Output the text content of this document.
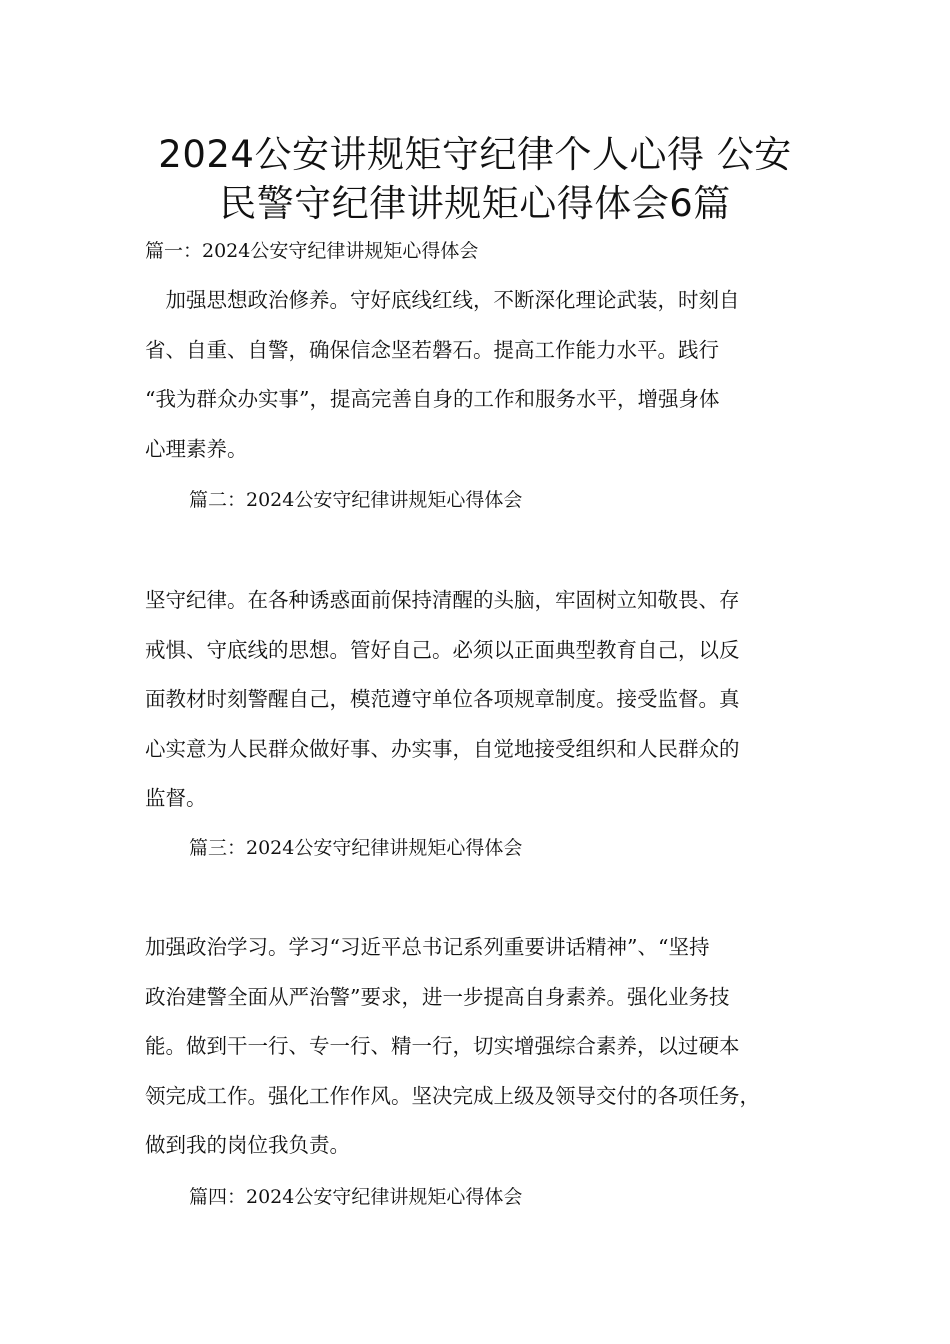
2024公安讲规矩守纪律个人心得 公安
民警守纪律讲规矩心得体会6篇

篇一：2024公安守纪律讲规矩心得体会

　加强思想政治修养。守好底线红线，不断深化理论武装，时刻自
省、自重、自警，确保信念坚若磐石。提高工作能力水平。践行
“我为群众办实事”，提高完善自身的工作和服务水平，增强身体
心理素养。

篇二：2024公安守纪律讲规矩心得体会

坚守纪律。在各种诱惑面前保持清醒的头脑，牢固树立知敬畏、存
戒惧、守底线的思想。管好自己。必须以正面典型教育自己，以反
面教材时刻警醒自己，模范遵守单位各项规章制度。接受监督。真
心实意为人民群众做好事、办实事，自觉地接受组织和人民群众的
监督。

篇三：2024公安守纪律讲规矩心得体会

加强政治学习。学习“习近平总书记系列重要讲话精神”、“坚持
政治建警全面从严治警”要求，进一步提高自身素养。强化业务技
能。做到干一行、专一行、精一行，切实增强综合素养，以过硬本
领完成工作。强化工作作风。坚决完成上级及领导交付的各项任务，
做到我的岗位我负责。

篇四：2024公安守纪律讲规矩心得体会
